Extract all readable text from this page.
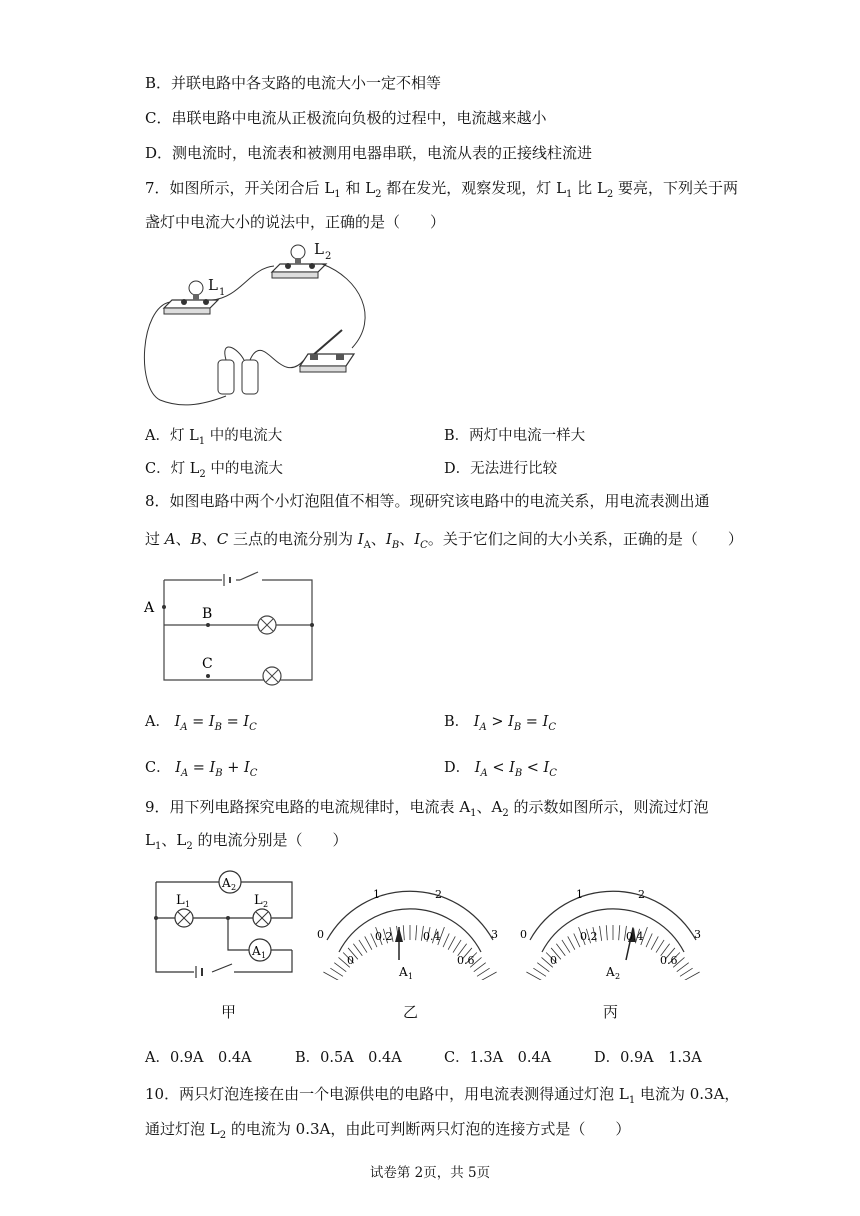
B．并联电路中各支路的电流大小一定不相等
C．串联电路中电流从正极流向负极的过程中，电流越来越小
D．测电流时，电流表和被测用电器串联，电流从表的正接线柱流进
7．如图所示，开关闭合后 $L_1$ 和 $L_2$ 都在发光，观察发现，灯 $L_1$ 比 $L_2$ 要亮，下列关于两
盏灯中电流大小的说法中，正确的是（　　）
L 1
L 2
A．灯 $L_1$ 中的电流大	B．两灯中电流一样大
C．灯 $L_2$ 中的电流大	D．无法进行比较
8．如图电路中两个小灯泡阻值不相等。现研究该电路中的电流关系，用电流表测出通
过 A、B、C 三点的电流分别为 $I_A$、$I_B$、$I_C$。关于它们之间的大小关系，正确的是（　　）
A	B
C
A． $I_A = I_B = I_C$	B． $I_A > I_B = I_C$
C． $I_A = I_B + I_C$	D． $I_A < I_B < I_C$
9．用下列电路探究电路的电流规律时，电流表 $A_1$、$A_2$ 的示数如图所示，则流过灯泡
$L_1$、$L_2$ 的电流分别是（　　）
A 2
A 1
L 1	L 2
0
1	2
3
0
0.2	0.4
0.6
A 1
0
1	2
3
0
0.2	0.4
0.6
A 2
甲	乙	丙
A．0.9A　0.4A	B．0.5A　0.4A	C．1.3A　0.4A	D．0.9A　1.3A
10．两只灯泡连接在由一个电源供电的电路中，用电流表测得通过灯泡 $L_1$ 电流为 0.3A，
通过灯泡 $L_2$ 的电流为 0.3A，由此可判断两只灯泡的连接方式是（　　）
试卷第 2页，共 5页
